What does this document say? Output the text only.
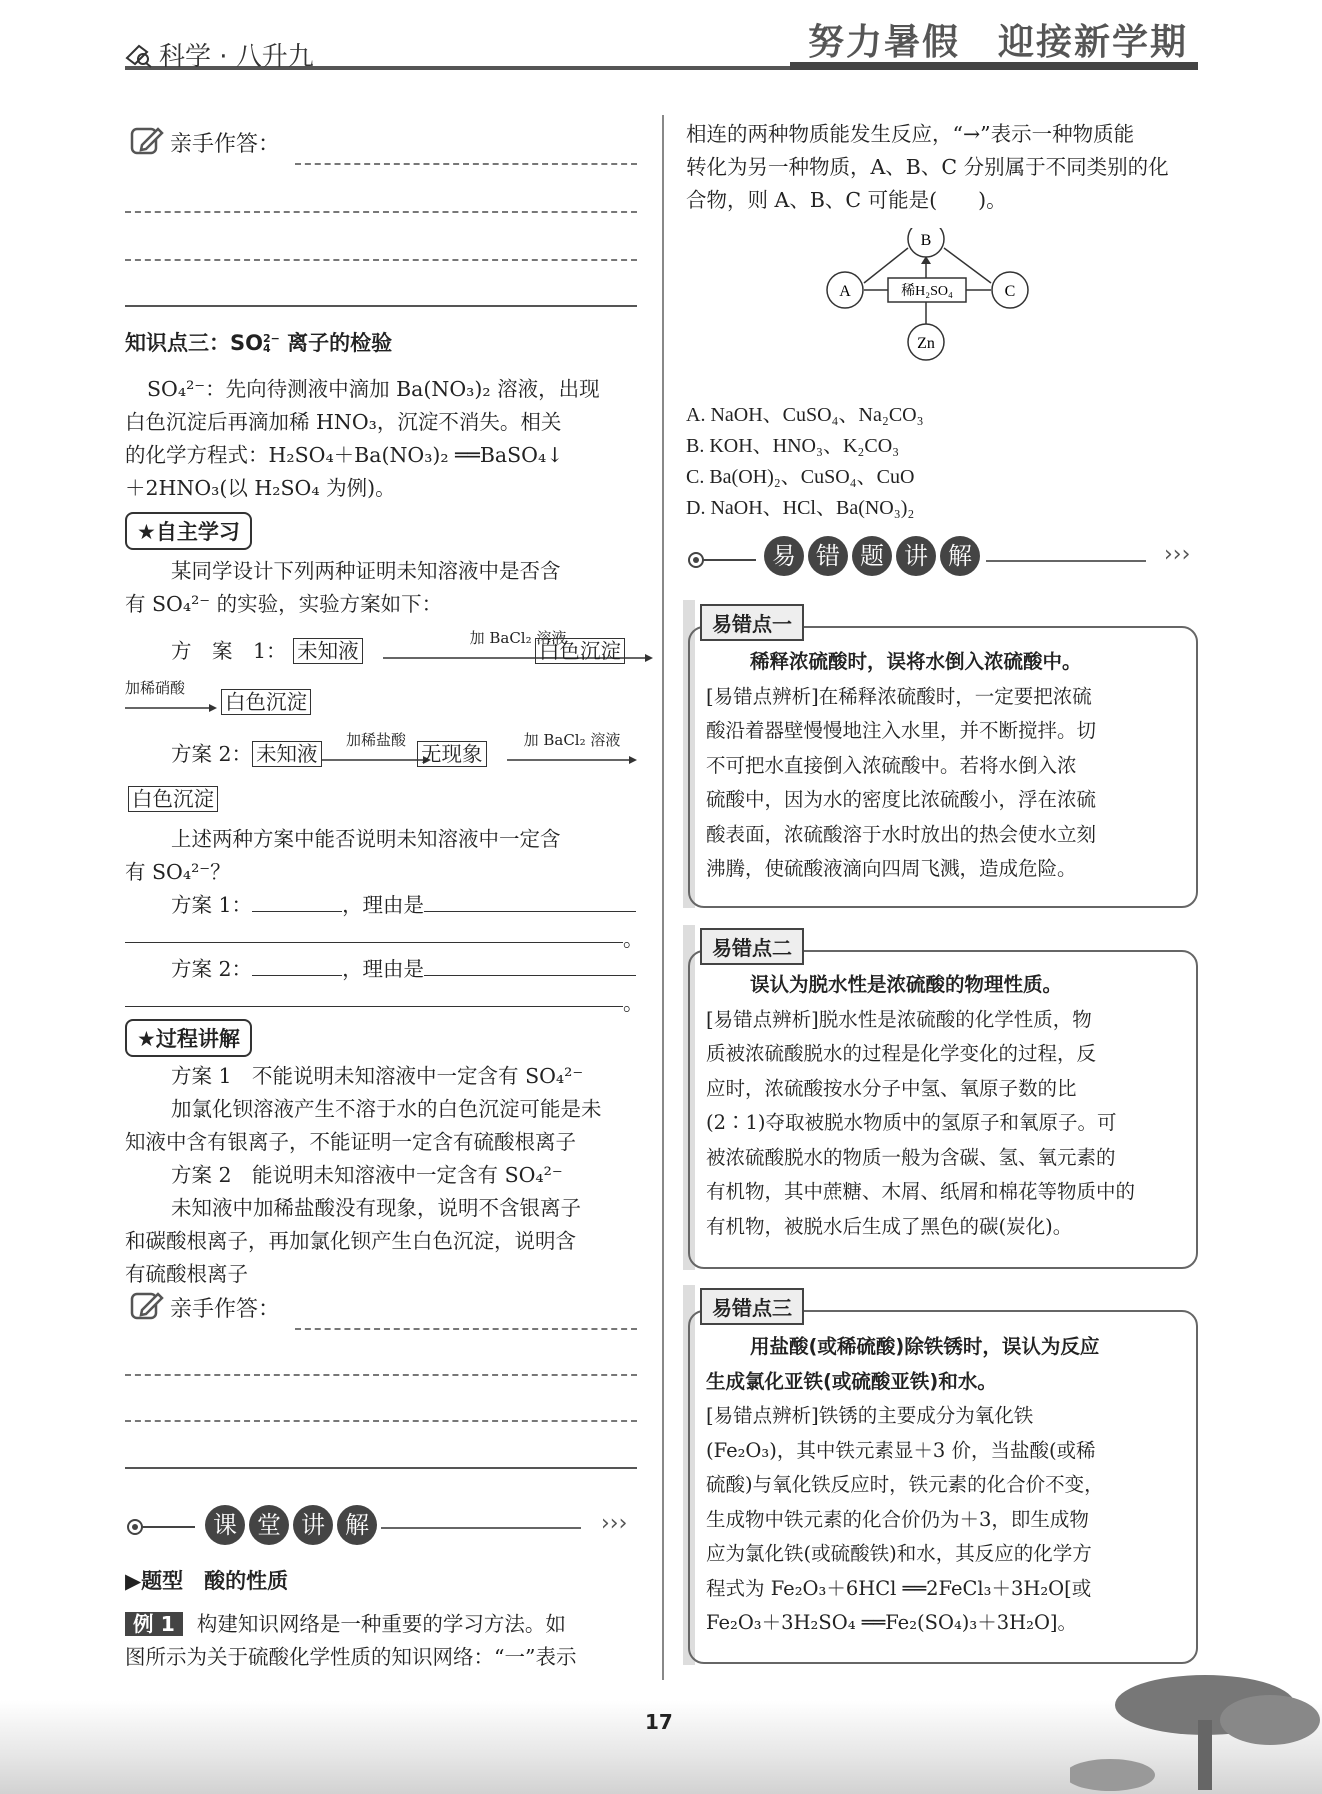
科学 · 八升九	努力暑假　迎接新学期
亲手作答：
知识点三：SO2−
4 离子的检验
SO₄²⁻：先向待测液中滴加 Ba(NO₃)₂ 溶液，出现
白色沉淀后再滴加稀 HNO₃，沉淀不消失。相关
的化学方程式：H₂SO₄＋Ba(NO₃)₂ ══BaSO₄↓
＋2HNO₃(以 H₂SO₄ 为例)。
★自主学习
某同学设计下列两种证明未知溶液中是否含
有 SO₄²⁻ 的实验，实验方案如下：
方　案　1： 未知液
加 BaCl₂ 溶液
白色沉淀
加稀硝酸
白色沉淀
方案 2： 未知液
加稀盐酸
无现象
加 BaCl₂ 溶液
白色沉淀
上述两种方案中能否说明未知溶液中一定含
有 SO₄²⁻？
方案 1：	，理由是
。
方案 2：	，理由是
。
★过程讲解
方案 1　不能说明未知溶液中一定含有 SO₄²⁻
加氯化钡溶液产生不溶于水的白色沉淀可能是未
知液中含有银离子，不能证明一定含有硫酸根离子
方案 2　能说明未知溶液中一定含有 SO₄²⁻
未知液中加稀盐酸没有现象，说明不含银离子
和碳酸根离子，再加氯化钡产生白色沉淀，说明含
有硫酸根离子
亲手作答：
课 堂 讲 解	›››
▶题型　酸的性质
例 1 构建知识网络是一种重要的学习方法。如
图所示为关于硫酸化学性质的知识网络：“一”表示
相连的两种物质能发生反应，“→”表示一种物质能
转化为另一种物质，A、B、C 分别属于不同类别的化
合物，则 A、B、C 可能是(　　)。
A
B
C
Zn
稀H₂SO₄
A. NaOH、CuSO₄、Na₂CO₃
B. KOH、HNO₃、K₂CO₃
C. Ba(OH)₂、CuSO₄、CuO
D. NaOH、HCl、Ba(NO₃)₂
易 错 题 讲 解	›››
易错点一
稀释浓硫酸时，误将水倒入浓硫酸中。
[易错点辨析]在稀释浓硫酸时，一定要把浓硫
酸沿着器壁慢慢地注入水里，并不断搅拌。切
不可把水直接倒入浓硫酸中。若将水倒入浓
硫酸中，因为水的密度比浓硫酸小，浮在浓硫
酸表面，浓硫酸溶于水时放出的热会使水立刻
沸腾，使硫酸液滴向四周飞溅，造成危险。
易错点二
误认为脱水性是浓硫酸的物理性质。
[易错点辨析]脱水性是浓硫酸的化学性质，物
质被浓硫酸脱水的过程是化学变化的过程，反
应时，浓硫酸按水分子中氢、氧原子数的比
(2∶1)夺取被脱水物质中的氢原子和氧原子。可
被浓硫酸脱水的物质一般为含碳、氢、氧元素的
有机物，其中蔗糖、木屑、纸屑和棉花等物质中的
有机物，被脱水后生成了黑色的碳(炭化)。
易错点三
用盐酸(或稀硫酸)除铁锈时，误认为反应
生成氯化亚铁(或硫酸亚铁)和水。
[易错点辨析]铁锈的主要成分为氧化铁
(Fe₂O₃)，其中铁元素显＋3 价，当盐酸(或稀
硫酸)与氧化铁反应时，铁元素的化合价不变，
生成物中铁元素的化合价仍为＋3，即生成物
应为氯化铁(或硫酸铁)和水，其反应的化学方
程式为 Fe₂O₃＋6HCl ══2FeCl₃＋3H₂O[或
Fe₂O₃＋3H₂SO₄ ══Fe₂(SO₄)₃＋3H₂O]。
17
